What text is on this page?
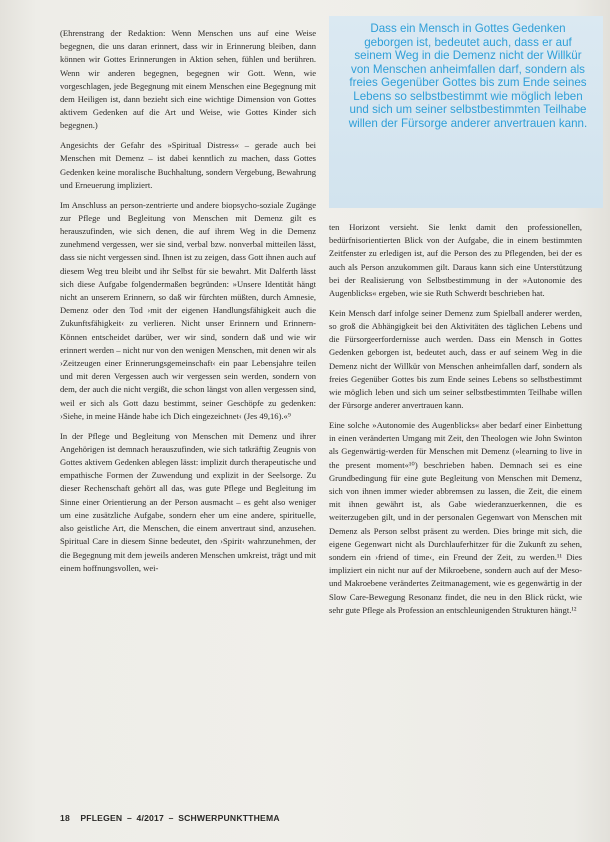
Dass ein Mensch in Gottes Gedenken geborgen ist, bedeutet auch, dass er auf seinem Weg in die Demenz nicht der Willkür von Menschen anheimfallen darf, sondern als freies Gegenüber Gottes bis zum Ende seines Lebens so selbstbestimmt wie möglich leben und sich um seiner selbstbestimmten Teilhabe willen der Fürsorge anderer anvertrauen kann.

(Ehrenstrang der Redaktion: Wenn Menschen uns auf eine Weise begegnen, die uns daran erinnert, dass wir in Erinnerung bleiben, dann können wir Gottes Erinnerungen in Aktion sehen, fühlen und berühren. Wenn wir anderen begegnen, begegnen wir Gott. Wenn, wie vorgeschlagen, jede Begegnung mit einem Menschen eine Begegnung mit dem Heiligen ist, dann bezieht sich eine wichtige Dimension von Gottes aktivem Gedenken auf die Art und Weise, wie Gottes Kinder sich begegnen.)

Angesichts der Gefahr des »Spiritual Distress« – gerade auch bei Menschen mit Demenz – ist dabei kenntlich zu machen, dass Gottes Gedenken keine moralische Buchhaltung, sondern Vergebung, Bewahrung und Erneuerung impliziert.

Im Anschluss an person-zentrierte und andere biopsycho-soziale Zugänge zur Pflege und Begleitung von Menschen mit Demenz gilt es herauszufinden, wie sich denen, die auf ihrem Weg in die Demenz zunehmend vergessen, wer sie sind, verbal bzw. nonverbal mitteilen lässt, dass sie nicht vergessen sind. Ihnen ist zu zeigen, dass Gott ihnen auch auf diesem Weg treu bleibt und ihr Selbst für sie bewahrt. Mit Dalferth lässt sich diese Aufgabe folgendermaßen begründen: »Unsere Identität hängt nicht an unserem Erinnern, so daß wir fürchten müßten, durch Amnesie, Demenz oder den Tod ›mit der eigenen Handlungsfähigkeit auch die Zukunftsfähigkeit‹ zu verlieren. Nicht unser Erinnern und Erinnern-Können entscheidet darüber, wer wir sind, sondern daß und wie wir erinnert werden – nicht nur von den wenigen Menschen, mit denen wir als ›Zeitzeugen einer Erinnerungsgemeinschaft‹ ein paar Lebensjahre teilen und mit deren Vergessen auch wir vergessen sein werden, sondern von dem, der auch die nicht vergißt, die schon längst von allen vergessen sind, weil er sich als Gott dazu bestimmt, seiner Geschöpfe zu gedenken: ›Siehe, in meine Hände habe ich Dich eingezeichnet‹ (Jes 49,16).«⁹

In der Pflege und Begleitung von Menschen mit Demenz und ihrer Angehörigen ist demnach herauszufinden, wie sich tatkräftig Zeugnis von Gottes aktivem Gedenken ablegen lässt: implizit durch therapeutische und empathische Formen der Zuwendung und explizit in der Seelsorge. Zu dieser Rechenschaft gehört all das, was gute Pflege und Begleitung im Sinne einer Orientierung an der Person ausmacht – es geht also weniger um eine zusätzliche Aufgabe, sondern eher um eine andere, spirituelle, also geistliche Art, die Menschen, die einem anvertraut sind, anzusehen. Spiritual Care in diesem Sinne bedeutet, den ›Spirit‹ wahrzunehmen, der die Begegnung mit dem jeweils anderen Menschen umkreist, trägt und mit einem hoffnungsvollen, wei-

ten Horizont versieht. Sie lenkt damit den professionellen, bedürfnisorientierten Blick von der Aufgabe, die in einem bestimmten Zeitfenster zu erledigen ist, auf die Person des zu Pflegenden, bei der es auch als Person anzukommen gilt. Daraus kann sich eine Unterstützung bei der Realisierung von Selbstbestimmung in der »Autonomie des Augenblicks« ergeben, wie sie Ruth Schwerdt beschrieben hat.

Kein Mensch darf infolge seiner Demenz zum Spielball anderer werden, so groß die Abhängigkeit bei den Aktivitäten des täglichen Lebens und die Fürsorgeerfordernisse auch werden. Dass ein Mensch in Gottes Gedenken geborgen ist, bedeutet auch, dass er auf seinem Weg in die Demenz nicht der Willkür von Menschen anheimfallen darf, sondern als freies Gegenüber Gottes bis zum Ende seines Lebens so selbstbestimmt wie möglich leben und sich um seiner selbstbestimmten Teilhabe willen der Fürsorge anderer anvertrauen kann.

Eine solche »Autonomie des Augenblicks« aber bedarf einer Einbettung in einen veränderten Umgang mit Zeit, den Theologen wie John Swinton als Gegenwärtig-werden für Menschen mit Demenz (»learning to live in the present moment«¹⁰) beschrieben haben. Demnach sei es eine Grundbedingung für eine gute Begleitung von Menschen mit Demenz, sich von ihnen immer wieder abbremsen zu lassen, die Zeit, die einem mit ihnen gewährt ist, als Gabe wiederanzuerkennen, die es weiterzugeben gilt, und in der personalen Gegenwart von Menschen mit Demenz als Person selbst präsent zu werden. Dies bringe mit sich, die eigene Gegenwart nicht als Durchlauferhitzer für die Zukunft zu sehen, sondern ein ›friend of time‹, ein Freund der Zeit, zu werden.¹¹ Dies impliziert ein nicht nur auf der Mikroebene, sondern auch auf der Meso- und Makroebene verändertes Zeitmanagement, wie es gegenwärtig in der Slow Care-Bewegung Resonanz findet, die neu in den Blick rückt, wie sehr gute Pflege als Profession an entschleunigenden Strukturen hängt.¹²

18 PFLEGEN – 4/2017 – SCHWERPUNKTTHEMA
